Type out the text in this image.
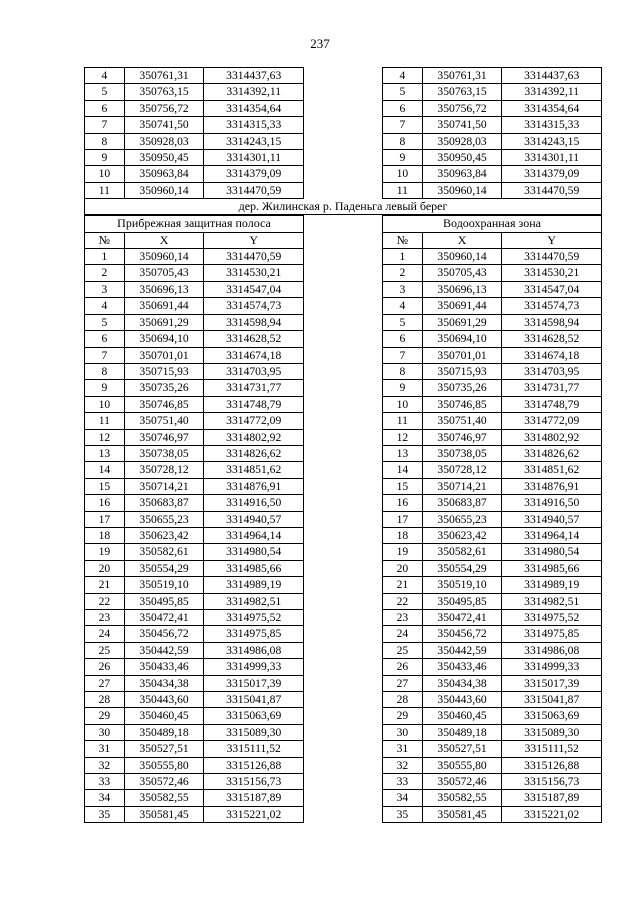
237
4	350761,31	3314437,63
5	350763,15	3314392,11
6	350756,72	3314354,64
7	350741,50	3314315,33
8	350928,03	3314243,15
9	350950,45	3314301,11
10	350963,84	3314379,09
11	350960,14	3314470,59
4	350761,31	3314437,63
5	350763,15	3314392,11
6	350756,72	3314354,64
7	350741,50	3314315,33
8	350928,03	3314243,15
9	350950,45	3314301,11
10	350963,84	3314379,09
11	350960,14	3314470,59
дер. Жилинская р. Паденьга левый берег
Прибрежная защитная полоса		
№	X	Y
1	350960,14	3314470,59
2	350705,43	3314530,21
3	350696,13	3314547,04
4	350691,44	3314574,73
5	350691,29	3314598,94
6	350694,10	3314628,52
7	350701,01	3314674,18
8	350715,93	3314703,95
9	350735,26	3314731,77
10	350746,85	3314748,79
11	350751,40	3314772,09
12	350746,97	3314802,92
13	350738,05	3314826,62
14	350728,12	3314851,62
15	350714,21	3314876,91
16	350683,87	3314916,50
17	350655,23	3314940,57
18	350623,42	3314964,14
19	350582,61	3314980,54
20	350554,29	3314985,66
21	350519,10	3314989,19
22	350495,85	3314982,51
23	350472,41	3314975,52
24	350456,72	3314975,85
25	350442,59	3314986,08
26	350433,46	3314999,33
27	350434,38	3315017,39
28	350443,60	3315041,87
29	350460,45	3315063,69
30	350489,18	3315089,30
31	350527,51	3315111,52
32	350555,80	3315126,88
33	350572,46	3315156,73
34	350582,55	3315187,89
35	350581,45	3315221,02
Водоохранная зона		
№	X	Y
1	350960,14	3314470,59
2	350705,43	3314530,21
3	350696,13	3314547,04
4	350691,44	3314574,73
5	350691,29	3314598,94
6	350694,10	3314628,52
7	350701,01	3314674,18
8	350715,93	3314703,95
9	350735,26	3314731,77
10	350746,85	3314748,79
11	350751,40	3314772,09
12	350746,97	3314802,92
13	350738,05	3314826,62
14	350728,12	3314851,62
15	350714,21	3314876,91
16	350683,87	3314916,50
17	350655,23	3314940,57
18	350623,42	3314964,14
19	350582,61	3314980,54
20	350554,29	3314985,66
21	350519,10	3314989,19
22	350495,85	3314982,51
23	350472,41	3314975,52
24	350456,72	3314975,85
25	350442,59	3314986,08
26	350433,46	3314999,33
27	350434,38	3315017,39
28	350443,60	3315041,87
29	350460,45	3315063,69
30	350489,18	3315089,30
31	350527,51	3315111,52
32	350555,80	3315126,88
33	350572,46	3315156,73
34	350582,55	3315187,89
35	350581,45	3315221,02
